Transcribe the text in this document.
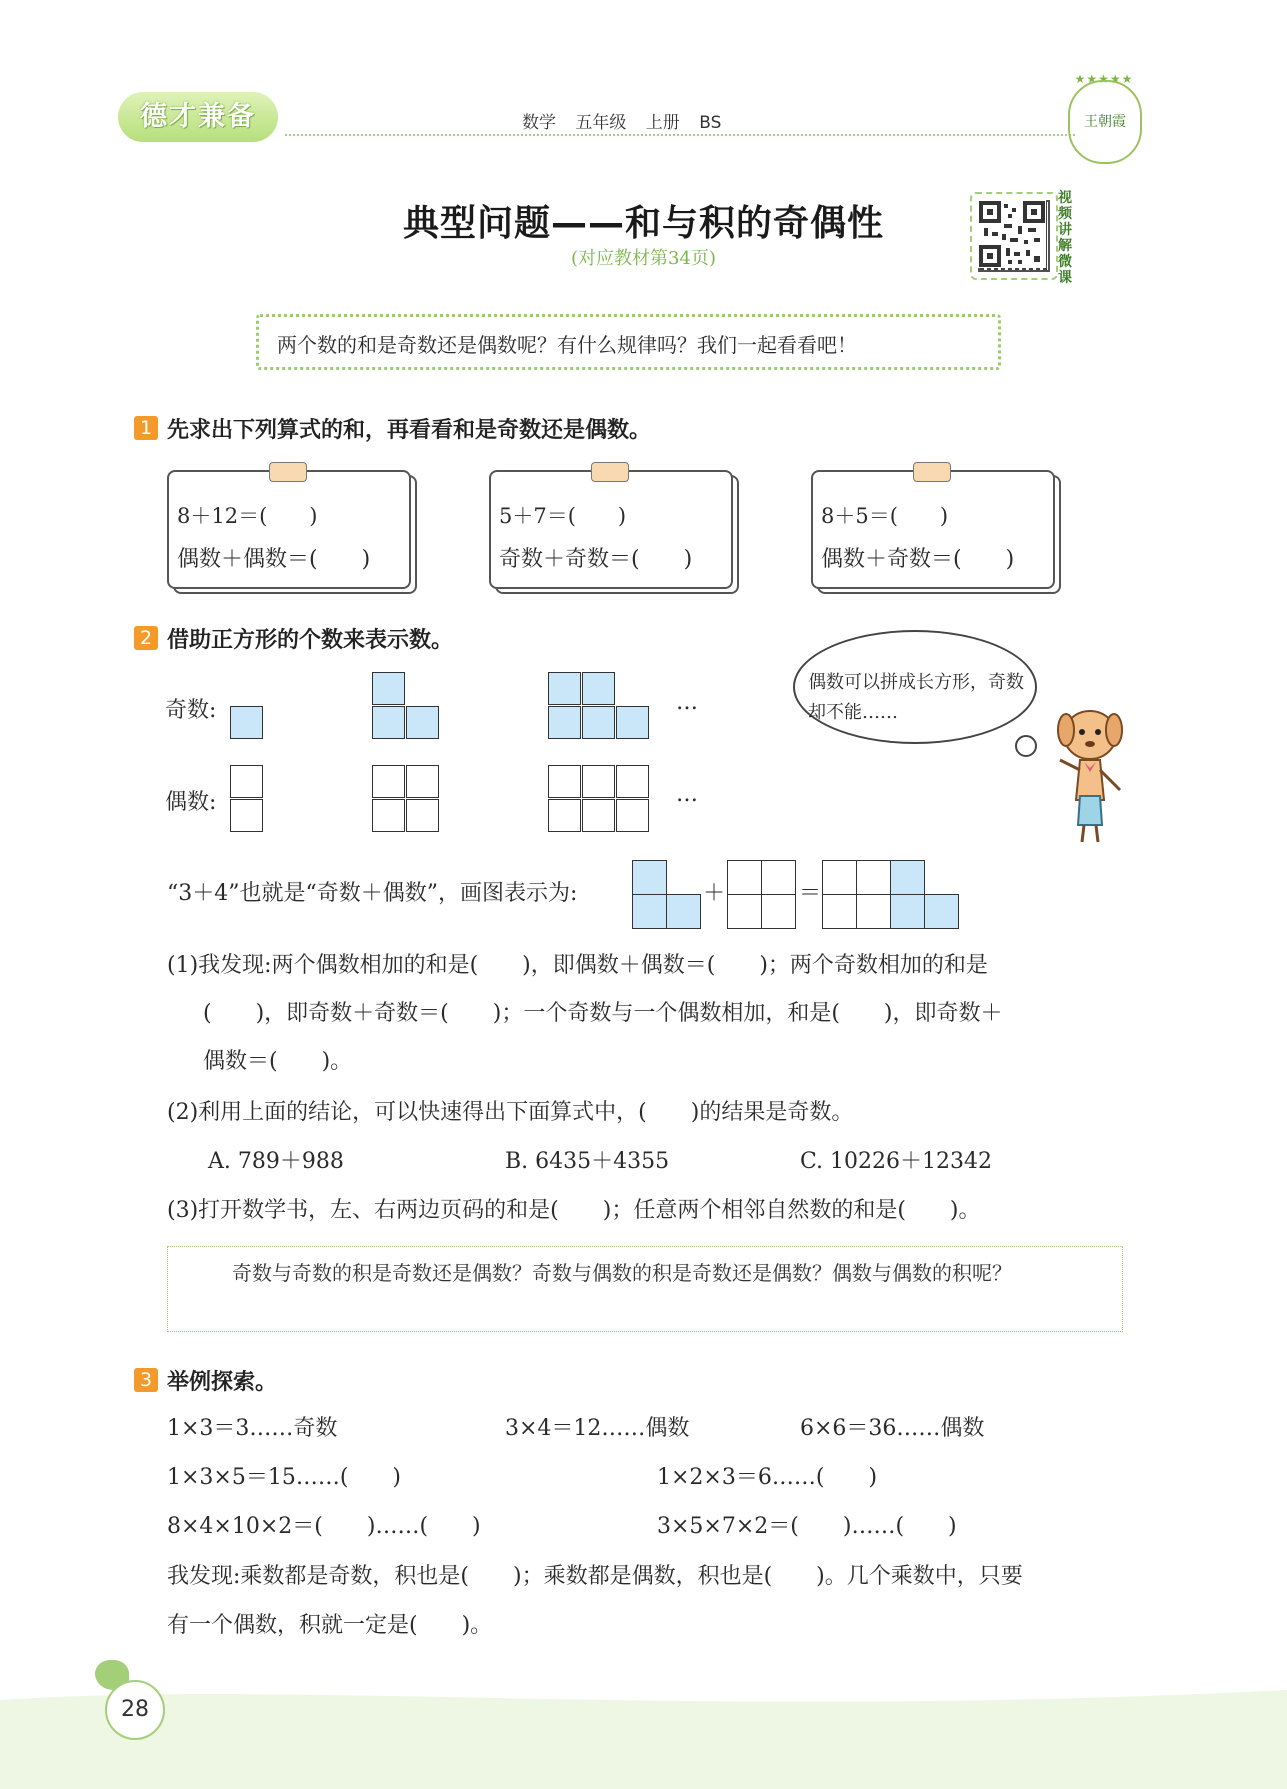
德才兼备	数学 五年级 上册 BS
★★★★★
王朝霞
典型问题——和与积的奇偶性
(对应教材第34页)
视频讲解微课
两个数的和是奇数还是偶数呢？有什么规律吗？我们一起看看吧！
1 先求出下列算式的和，再看看和是奇数还是偶数。
8＋12＝(　　)
偶数＋偶数＝(　　)
5＋7＝(　　)
奇数＋奇数＝(　　)
8＋5＝(　　)
偶数＋奇数＝(　　)
2 借助正方形的个数来表示数。
奇数:
偶数:
…
…
偶数可以拼成长方形，奇数却不能……
“3＋4”也就是“奇数＋偶数”，画图表示为:	＋	＝
(1)我发现:两个偶数相加的和是(　　)，即偶数＋偶数＝(　　)；两个奇数相加的和是
(　　)，即奇数＋奇数＝(　　)；一个奇数与一个偶数相加，和是(　　)，即奇数＋
偶数＝(　　)。
(2)利用上面的结论，可以快速得出下面算式中，(　　)的结果是奇数。
A. 789＋988	B. 6435＋4355	C. 10226＋12342
(3)打开数学书，左、右两边页码的和是(　　)；任意两个相邻自然数的和是(　　)。
奇数与奇数的积是奇数还是偶数？奇数与偶数的积是奇数还是偶数？偶数与偶数的积呢？
3 举例探索。
1×3＝3……奇数	3×4＝12……偶数	6×6＝36……偶数
1×3×5＝15……(　　)	1×2×3＝6……(　　)
8×4×10×2＝(　　)……(　　)	3×5×7×2＝(　　)……(　　)
我发现:乘数都是奇数，积也是(　　)；乘数都是偶数，积也是(　　)。几个乘数中，只要
有一个偶数，积就一定是(　　)。
28
